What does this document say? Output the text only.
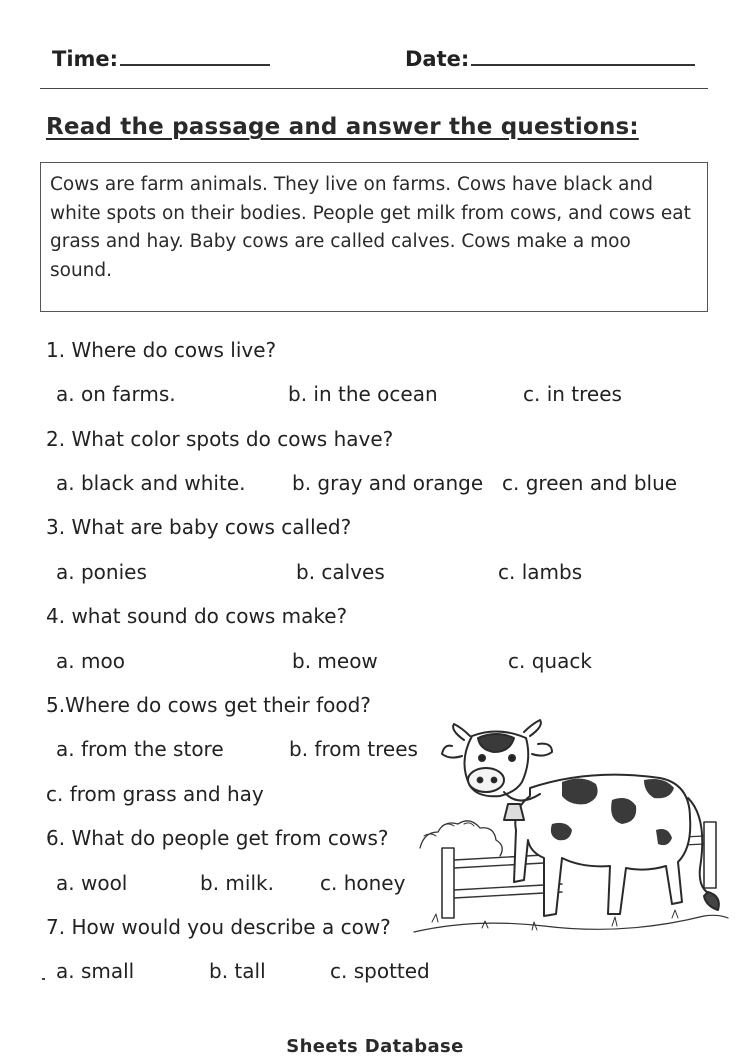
Time:	Date:
Read the passage and answer the questions:
Cows are farm animals. They live on farms. Cows have black and white spots on their bodies. People get milk from cows, and cows eat grass and hay. Baby cows are called calves. Cows make a moo sound.
1. Where do cows live?
a. on farms.	b. in the ocean	c. in trees
2. What color spots do cows have?
a. black and white. b. gray and orange c. green and blue
3. What are baby cows called?
a. ponies	b. calves	c. lambs
4. what sound do cows make?
a. moo	b. meow	c. quack
5.Where do cows get their food?
a. from the store	b. from trees
c. from grass and hay
6. What do people get from cows?
a. wool	b. milk. c. honey
7. How would you describe a cow?
a. small	b. tall	c. spotted
Sheets Database
